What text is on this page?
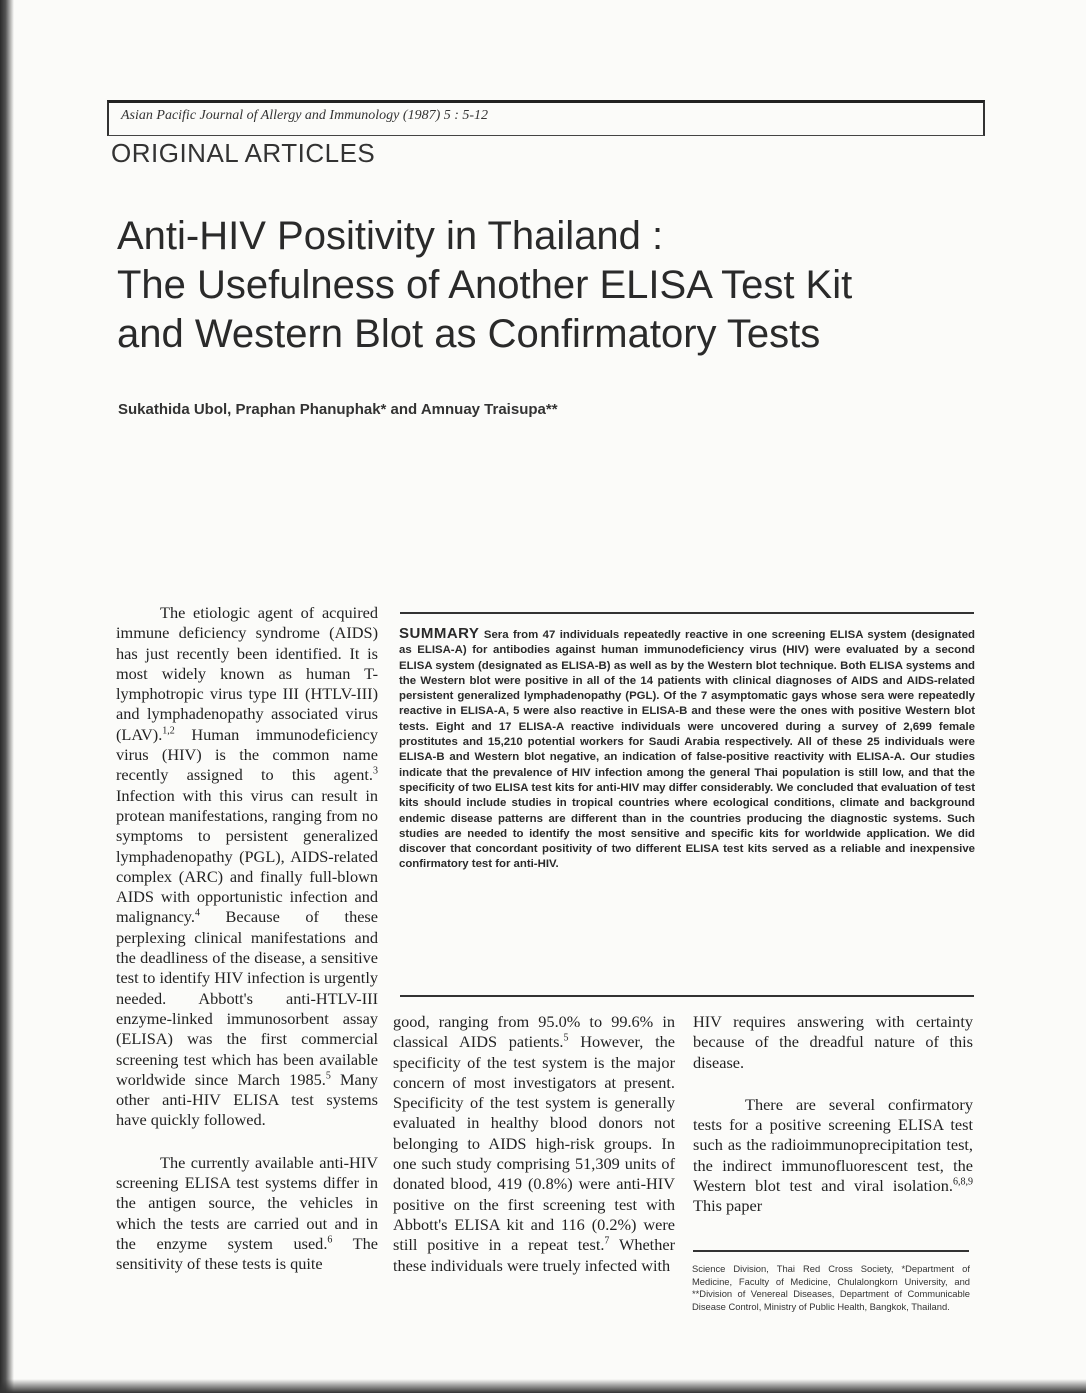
Asian Pacific Journal of Allergy and Immunology (1987) 5 : 5-12
ORIGINAL ARTICLES
Anti-HIV Positivity in Thailand :
The Usefulness of Another ELISA Test Kit
and Western Blot as Confirmatory Tests
Sukathida Ubol, Praphan Phanuphak* and Amnuay Traisupa**

The etiologic agent of acquired immune deficiency syndrome (AIDS) has just recently been identified. It is most widely known as human T-lymphotropic virus type III (HTLV-III) and lymphadenopathy associated virus (LAV).$^{1,2}$ Human immunodeficiency virus (HIV) is the common name recently assigned to this agent.$^3$ Infection with this virus can result in protean manifestations, ranging from no symptoms to persistent generalized lymphadenopathy (PGL), AIDS-related complex (ARC) and finally full-blown AIDS with opportunistic infection and malignancy.$^4$ Because of these perplexing clinical manifestations and the deadliness of the disease, a sensitive test to identify HIV infection is urgently needed. Abbott's anti-HTLV-III enzyme-linked immunosorbent assay (ELISA) was the first commercial screening test which has been available worldwide since March 1985.$^5$ Many other anti-HIV ELISA test systems have quickly followed.

The currently available anti-HIV screening ELISA test systems differ in the antigen source, the vehicles in which the tests are carried out and in the enzyme system used.$^6$ The sensitivity of these tests is quite

SUMMARY Sera from 47 individuals repeatedly reactive in one screening ELISA system (designated as ELISA-A) for antibodies against human immunodeficiency virus (HIV) were evaluated by a second ELISA system (designated as ELISA-B) as well as by the Western blot technique. Both ELISA systems and the Western blot were positive in all of the 14 patients with clinical diagnoses of AIDS and AIDS-related persistent generalized lymphadenopathy (PGL). Of the 7 asymptomatic gays whose sera were repeatedly reactive in ELISA-A, 5 were also reactive in ELISA-B and these were the ones with positive Western blot tests. Eight and 17 ELISA-A reactive individuals were uncovered during a survey of 2,699 female prostitutes and 15,210 potential workers for Saudi Arabia respectively. All of these 25 individuals were ELISA-B and Western blot negative, an indication of false-positive reactivity with ELISA-A. Our studies indicate that the prevalence of HIV infection among the general Thai population is still low, and that the specificity of two ELISA test kits for anti-HIV may differ considerably. We concluded that evaluation of test kits should include studies in tropical countries where ecological conditions, climate and background endemic disease patterns are different than in the countries producing the diagnostic systems. Such studies are needed to identify the most sensitive and specific kits for worldwide application. We did discover that concordant positivity of two different ELISA test kits served as a reliable and inexpensive confirmatory test for anti-HIV.

good, ranging from 95.0% to 99.6% in classical AIDS patients.$^5$ However, the specificity of the test system is the major concern of most investigators at present. Specificity of the test system is generally evaluated in healthy blood donors not belonging to AIDS high-risk groups. In one such study comprising 51,309 units of donated blood, 419 (0.8%) were anti-HIV positive on the first screening test with Abbott's ELISA kit and 116 (0.2%) were still positive in a repeat test.$^7$ Whether these individuals were truely infected with

HIV requires answering with certainty because of the dreadful nature of this disease.

There are several confirmatory tests for a positive screening ELISA test such as the radioimmunoprecipitation test, the indirect immunofluorescent test, the Western blot test and viral isolation.$^{6,8,9}$ This paper

Science Division, Thai Red Cross Society, *Department of Medicine, Faculty of Medicine, Chulalongkorn University, and **Division of Venereal Diseases, Department of Communicable Disease Control, Ministry of Public Health, Bangkok, Thailand.
